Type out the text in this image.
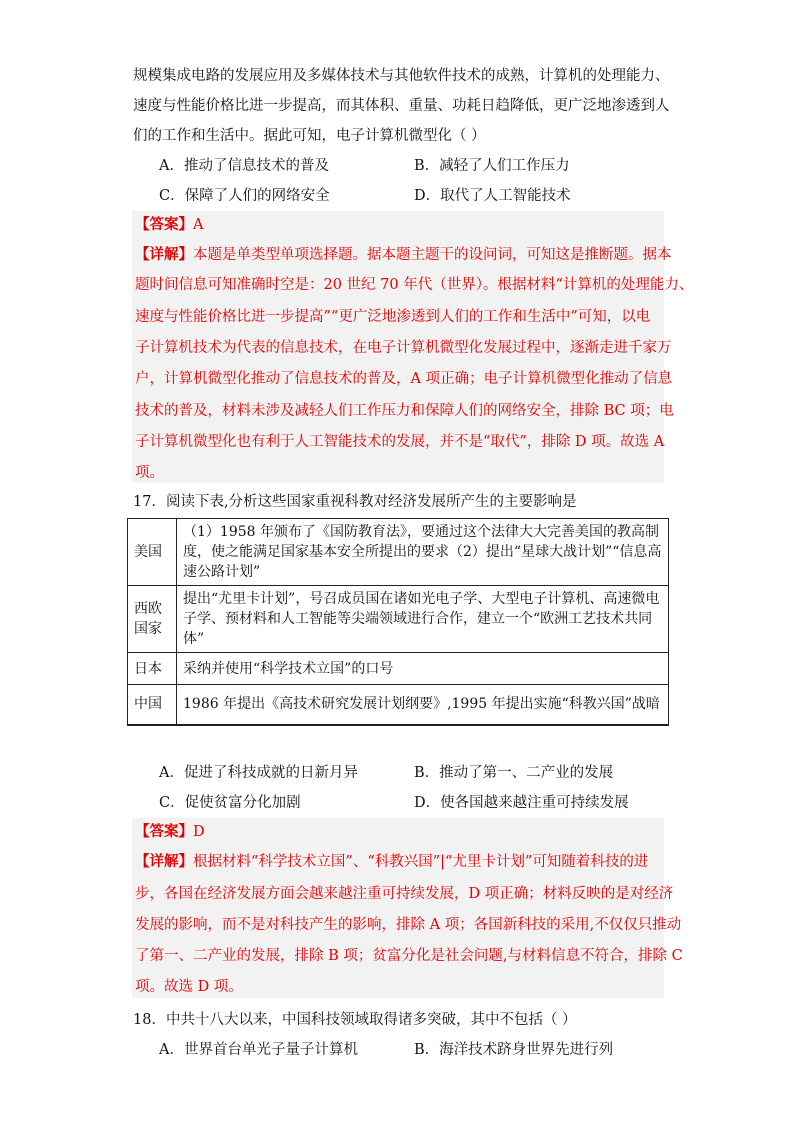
规模集成电路的发展应用及多媒体技术与其他软件技术的成熟，计算机的处理能力、
速度与性能价格比进一步提高，而其体积、重量、功耗日趋降低，更广泛地渗透到人
们的工作和生活中。据此可知，电子计算机微型化（ ）
A．推动了信息技术的普及	B．减轻了人们工作压力
C．保障了人们的网络安全	D．取代了人工智能技术
【答案】A
【详解】本题是单类型单项选择题。据本题主题干的设问词，可知这是推断题。据本
题时间信息可知准确时空是：20 世纪 70 年代（世界）。根据材料“计算机的处理能力、
速度与性能价格比进一步提高”“更广泛地渗透到人们的工作和生活中”可知，以电
子计算机技术为代表的信息技术，在电子计算机微型化发展过程中，逐渐走进千家万
户，计算机微型化推动了信息技术的普及，A 项正确；电子计算机微型化推动了信息
技术的普及，材料未涉及减轻人们工作压力和保障人们的网络安全，排除 BC 项；电
子计算机微型化也有利于人工智能技术的发展，并不是“取代”，排除 D 项。故选 A
项。
17．阅读下表,分析这些国家重视科教对经济发展所产生的主要影响是
美国	（1）1958 年颁布了《国防教育法》，要通过这个法律大大完善美国的教高制度，使之能满足国家基本安全所提出的要求（2）提出“星球大战计划”“信息高速公路计划”
西欧国家	提出“尤里卡计划”，号召成员国在诸如光电子学、大型电子计算机、高速微电子学、预材料和人工智能等尖端领域进行合作，建立一个“欧洲工艺技术共同体”
日本	采纳并使用“科学技术立国”的口号
中国	1986 年提出《高技术研究发展计划纲要》,1995 年提出实施“科教兴国”战暗
A．促进了科技成就的日新月异	B．推动了第一、二产业的发展
C．促使贫富分化加剧	D．使各国越来越注重可持续发展
【答案】D
【详解】根据材料“科学技术立国”、“科教兴国”|“尤里卡计划”可知随着科技的进
步，各国在经济发展方面会越来越注重可持续发展，D 项正确；材料反映的是对经济
发展的影响，而不是对科技产生的影响，排除 A 项；各国新科技的采用,不仅仅只推动
了第一、二产业的发展，排除 B 项；贫富分化是社会问题,与材料信息不符合，排除 C
项。故选 D 项。
18．中共十八大以来，中国科技领域取得诸多突破，其中不包括（ ）
A．世界首台单光子量子计算机	B．海洋技术跻身世界先进行列
